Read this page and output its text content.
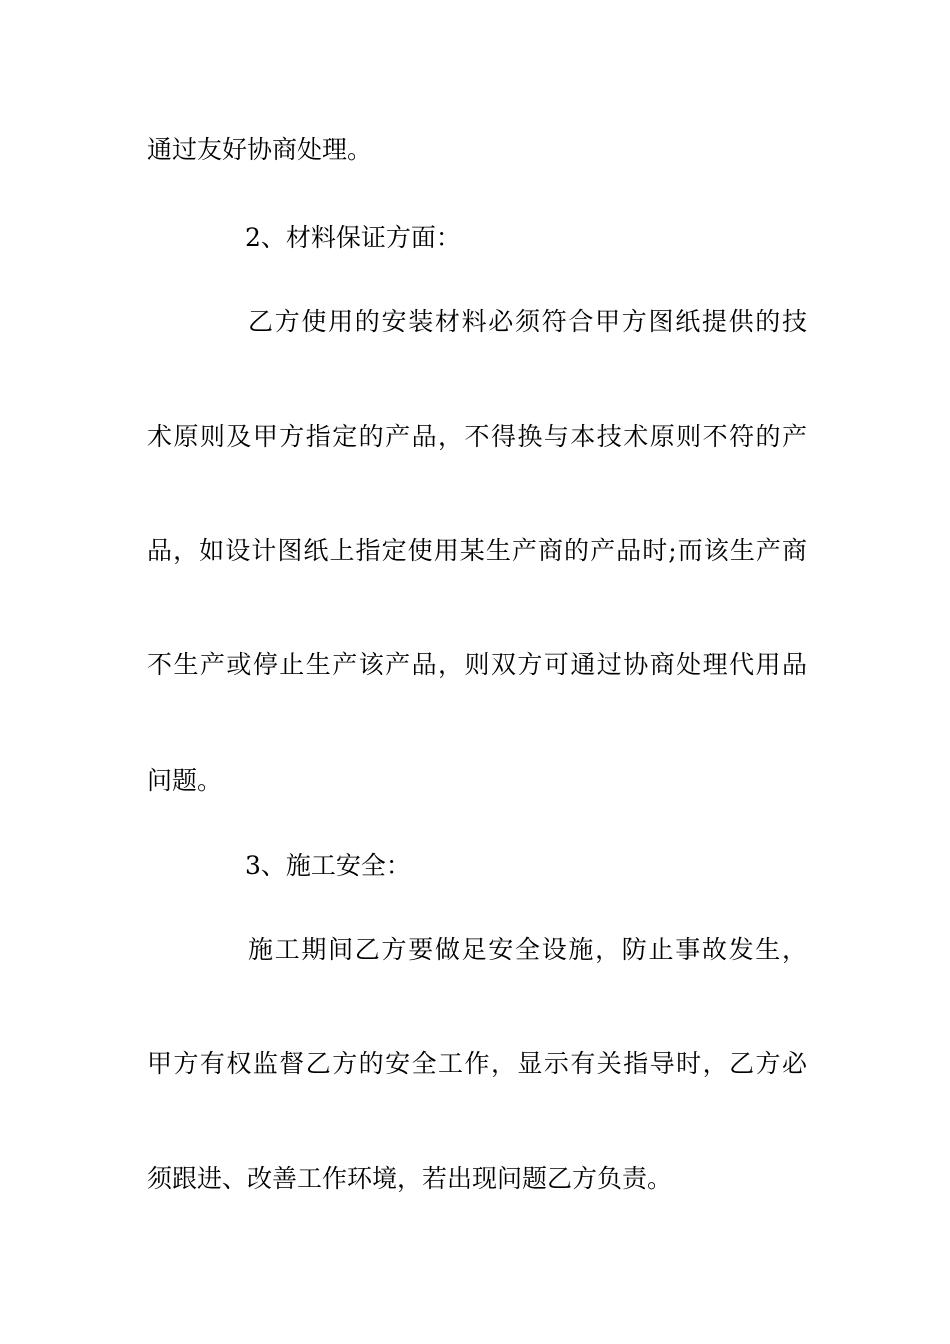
通过友好协商处理。
2、材料保证方面：
乙方使用的安装材料必须符合甲方图纸提供的技
术原则及甲方指定的产品，不得换与本技术原则不符的产
品，如设计图纸上指定使用某生产商的产品时;而该生产商
不生产或停止生产该产品，则双方可通过协商处理代用品
问题。
3、施工安全：
施工期间乙方要做足安全设施，防止事故发生，
甲方有权监督乙方的安全工作，显示有关指导时，乙方必
须跟进、改善工作环境，若出现问题乙方负责。
